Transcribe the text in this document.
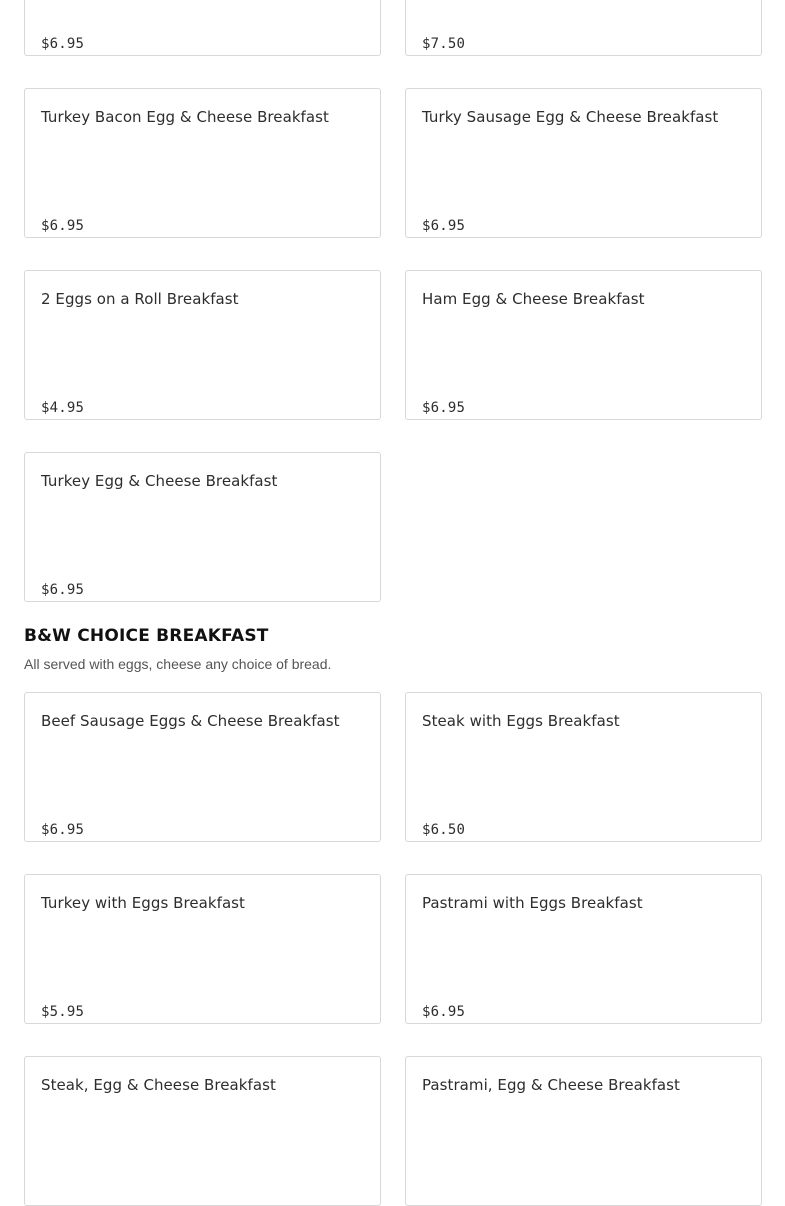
$6.95	$7.50
Turkey Bacon Egg & Cheese Breakfast
$6.95
Turky Sausage Egg & Cheese Breakfast
$6.95
2 Eggs on a Roll Breakfast
$4.95
Ham Egg & Cheese Breakfast
$6.95
Turkey Egg & Cheese Breakfast
$6.95
B&W CHOICE BREAKFAST

All served with eggs, cheese any choice of bread.

Beef Sausage Eggs & Cheese Breakfast
$6.95
Steak with Eggs Breakfast
$6.50
Turkey with Eggs Breakfast
$5.95
Pastrami with Eggs Breakfast
$6.95
Steak, Egg & Cheese Breakfast	Pastrami, Egg & Cheese Breakfast
